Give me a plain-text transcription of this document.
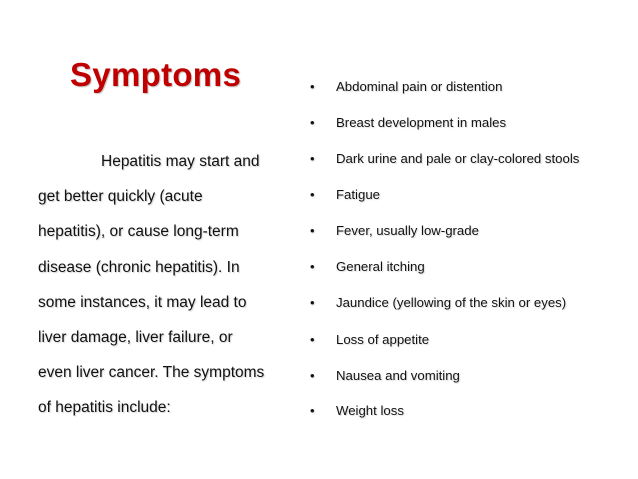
Symptoms
Hepatitis may start and
get better quickly (acute
hepatitis), or cause long-term
disease (chronic hepatitis). In
some instances, it may lead to
liver damage, liver failure, or
even liver cancer. The symptoms
of hepatitis include:
• Abdominal pain or distention
• Breast development in males
• Dark urine and pale or clay-colored stools
• Fatigue
• Fever, usually low-grade
• General itching
• Jaundice (yellowing of the skin or eyes)
• Loss of appetite
• Nausea and vomiting
• Weight loss
